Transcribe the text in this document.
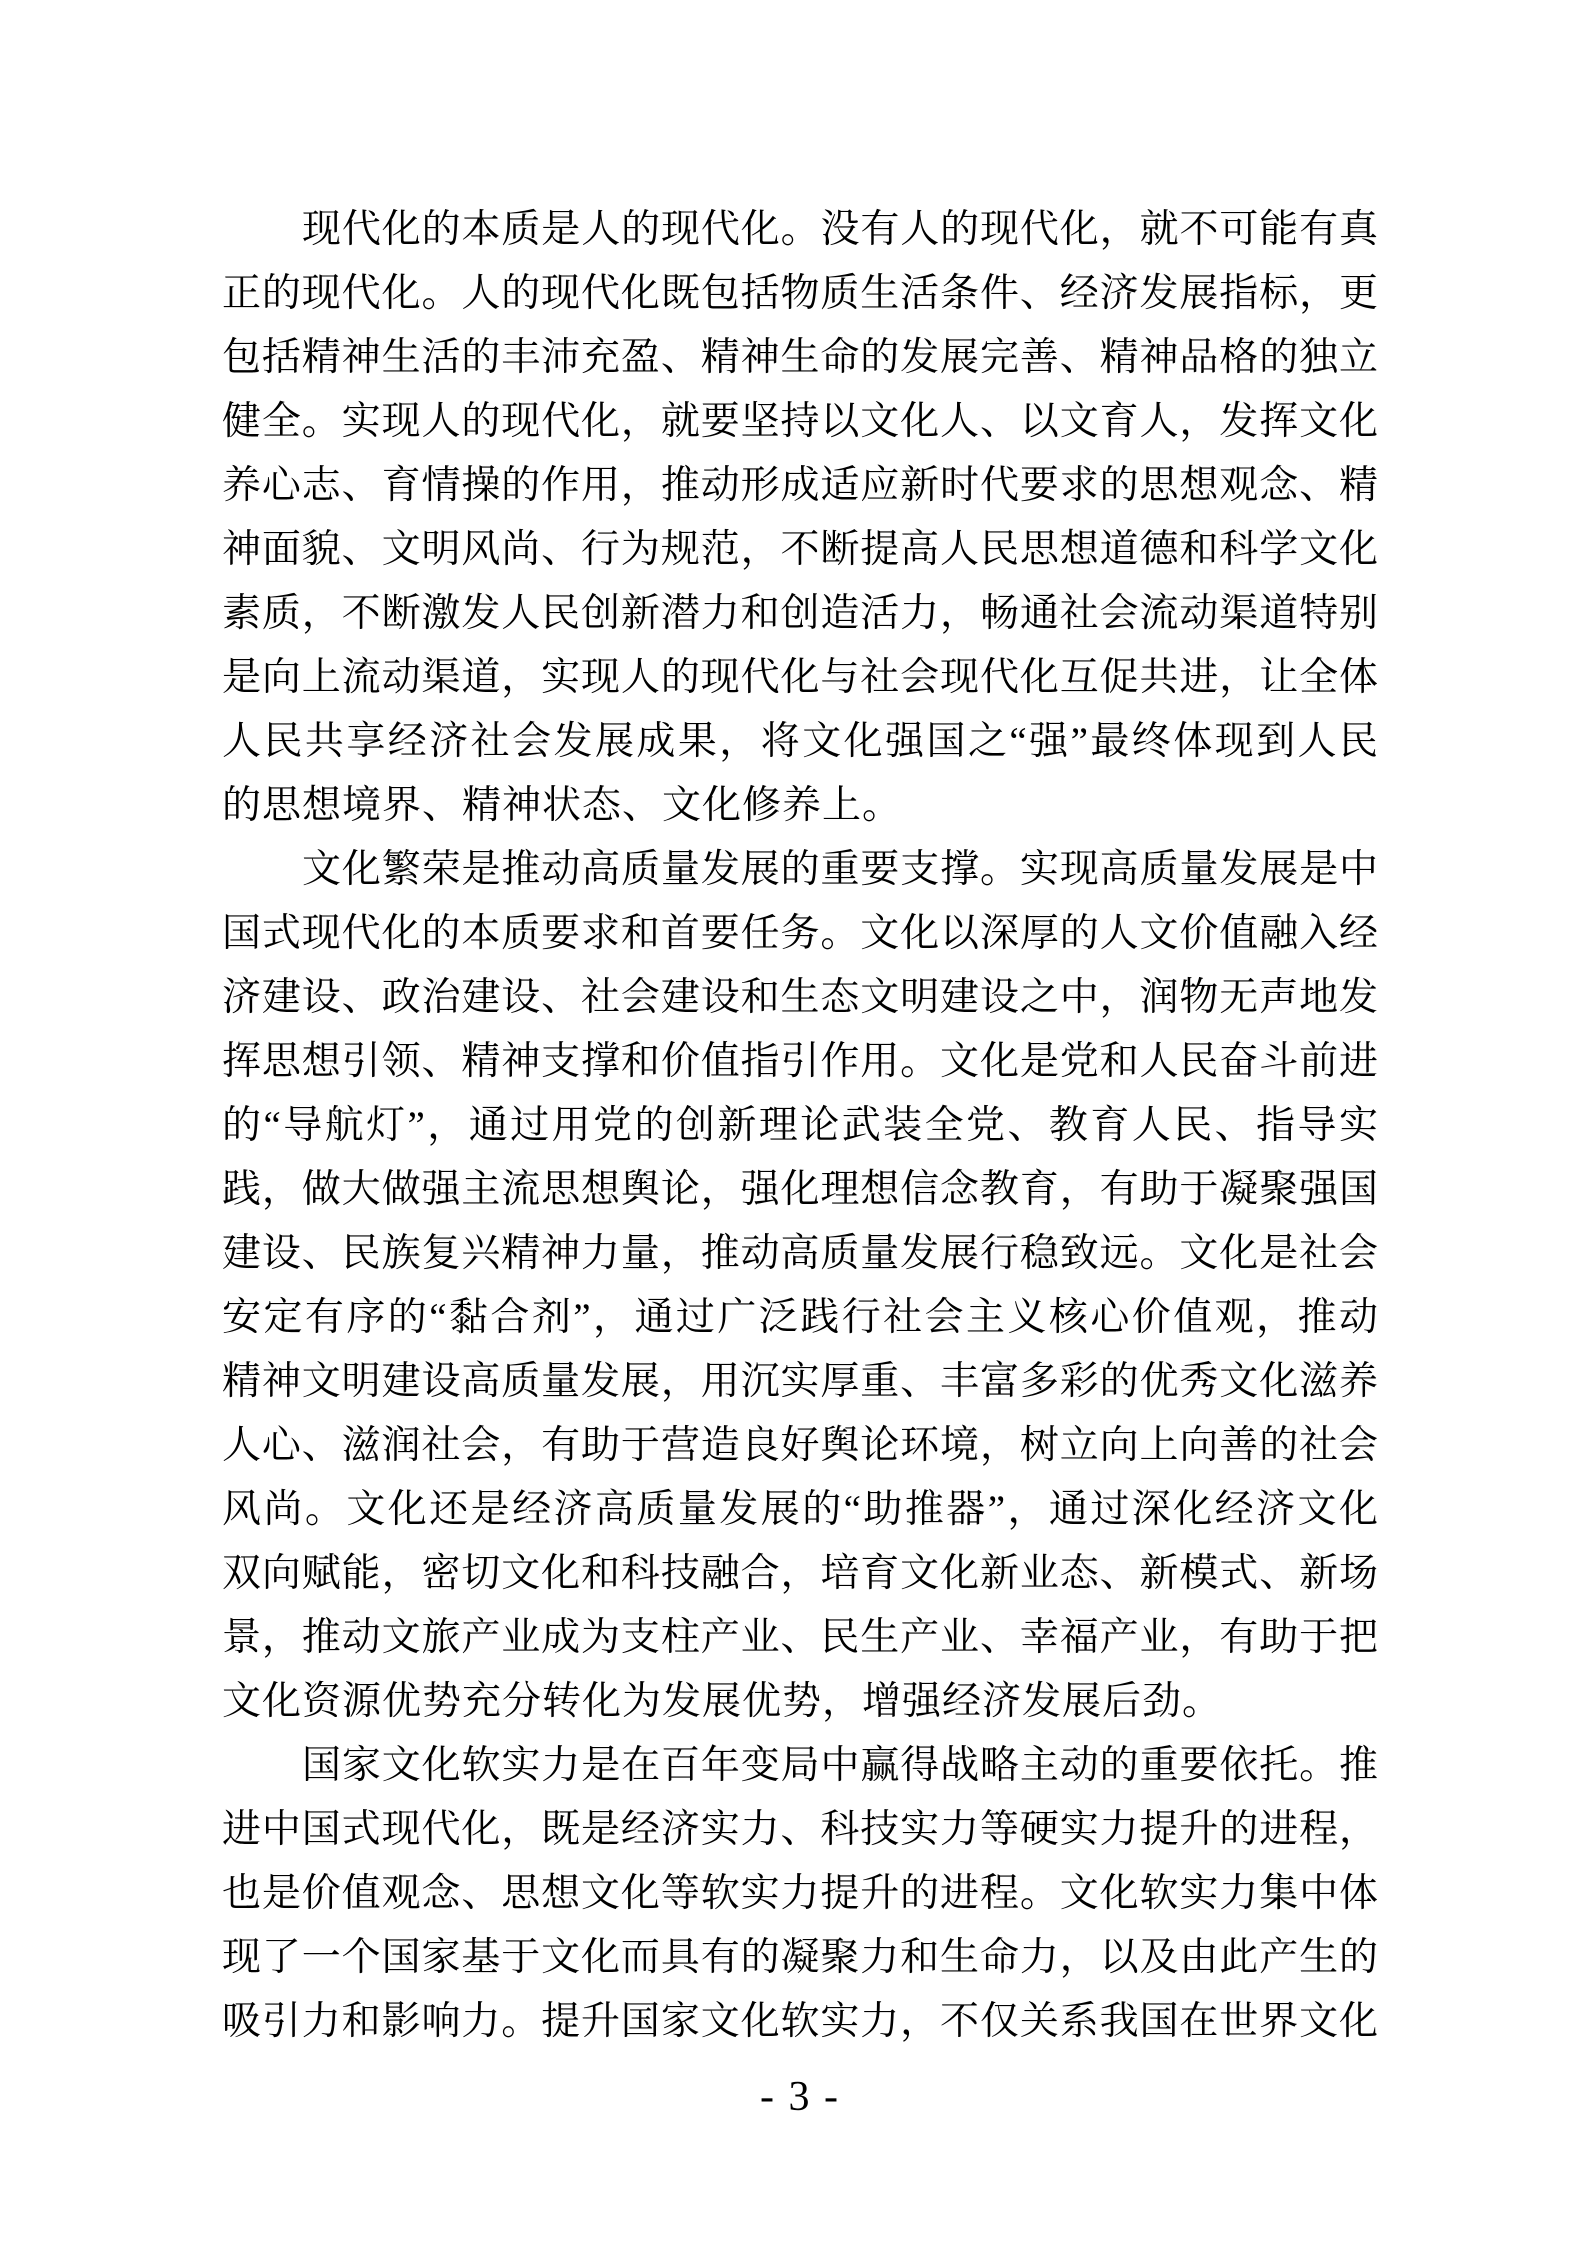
现代化的本质是人的现代化。没有人的现代化，就不可能有真
正的现代化。人的现代化既包括物质生活条件、经济发展指标，更
包括精神生活的丰沛充盈、精神生命的发展完善、精神品格的独立
健全。实现人的现代化，就要坚持以文化人、以文育人，发挥文化
养心志、育情操的作用，推动形成适应新时代要求的思想观念、精
神面貌、文明风尚、行为规范，不断提高人民思想道德和科学文化
素质，不断激发人民创新潜力和创造活力，畅通社会流动渠道特别
是向上流动渠道，实现人的现代化与社会现代化互促共进，让全体
人民共享经济社会发展成果，将文化强国之“强”最终体现到人民
的思想境界、精神状态、文化修养上。
文化繁荣是推动高质量发展的重要支撑。实现高质量发展是中
国式现代化的本质要求和首要任务。文化以深厚的人文价值融入经
济建设、政治建设、社会建设和生态文明建设之中，润物无声地发
挥思想引领、精神支撑和价值指引作用。文化是党和人民奋斗前进
的“导航灯”，通过用党的创新理论武装全党、教育人民、指导实
践，做大做强主流思想舆论，强化理想信念教育，有助于凝聚强国
建设、民族复兴精神力量，推动高质量发展行稳致远。文化是社会
安定有序的“黏合剂”，通过广泛践行社会主义核心价值观，推动
精神文明建设高质量发展，用沉实厚重、丰富多彩的优秀文化滋养
人心、滋润社会，有助于营造良好舆论环境，树立向上向善的社会
风尚。文化还是经济高质量发展的“助推器”，通过深化经济文化
双向赋能，密切文化和科技融合，培育文化新业态、新模式、新场
景，推动文旅产业成为支柱产业、民生产业、幸福产业，有助于把
文化资源优势充分转化为发展优势，增强经济发展后劲。
国家文化软实力是在百年变局中赢得战略主动的重要依托。推
进中国式现代化，既是经济实力、科技实力等硬实力提升的进程，
也是价值观念、思想文化等软实力提升的进程。文化软实力集中体
现了一个国家基于文化而具有的凝聚力和生命力，以及由此产生的
吸引力和影响力。提升国家文化软实力，不仅关系我国在世界文化
- 3 -
